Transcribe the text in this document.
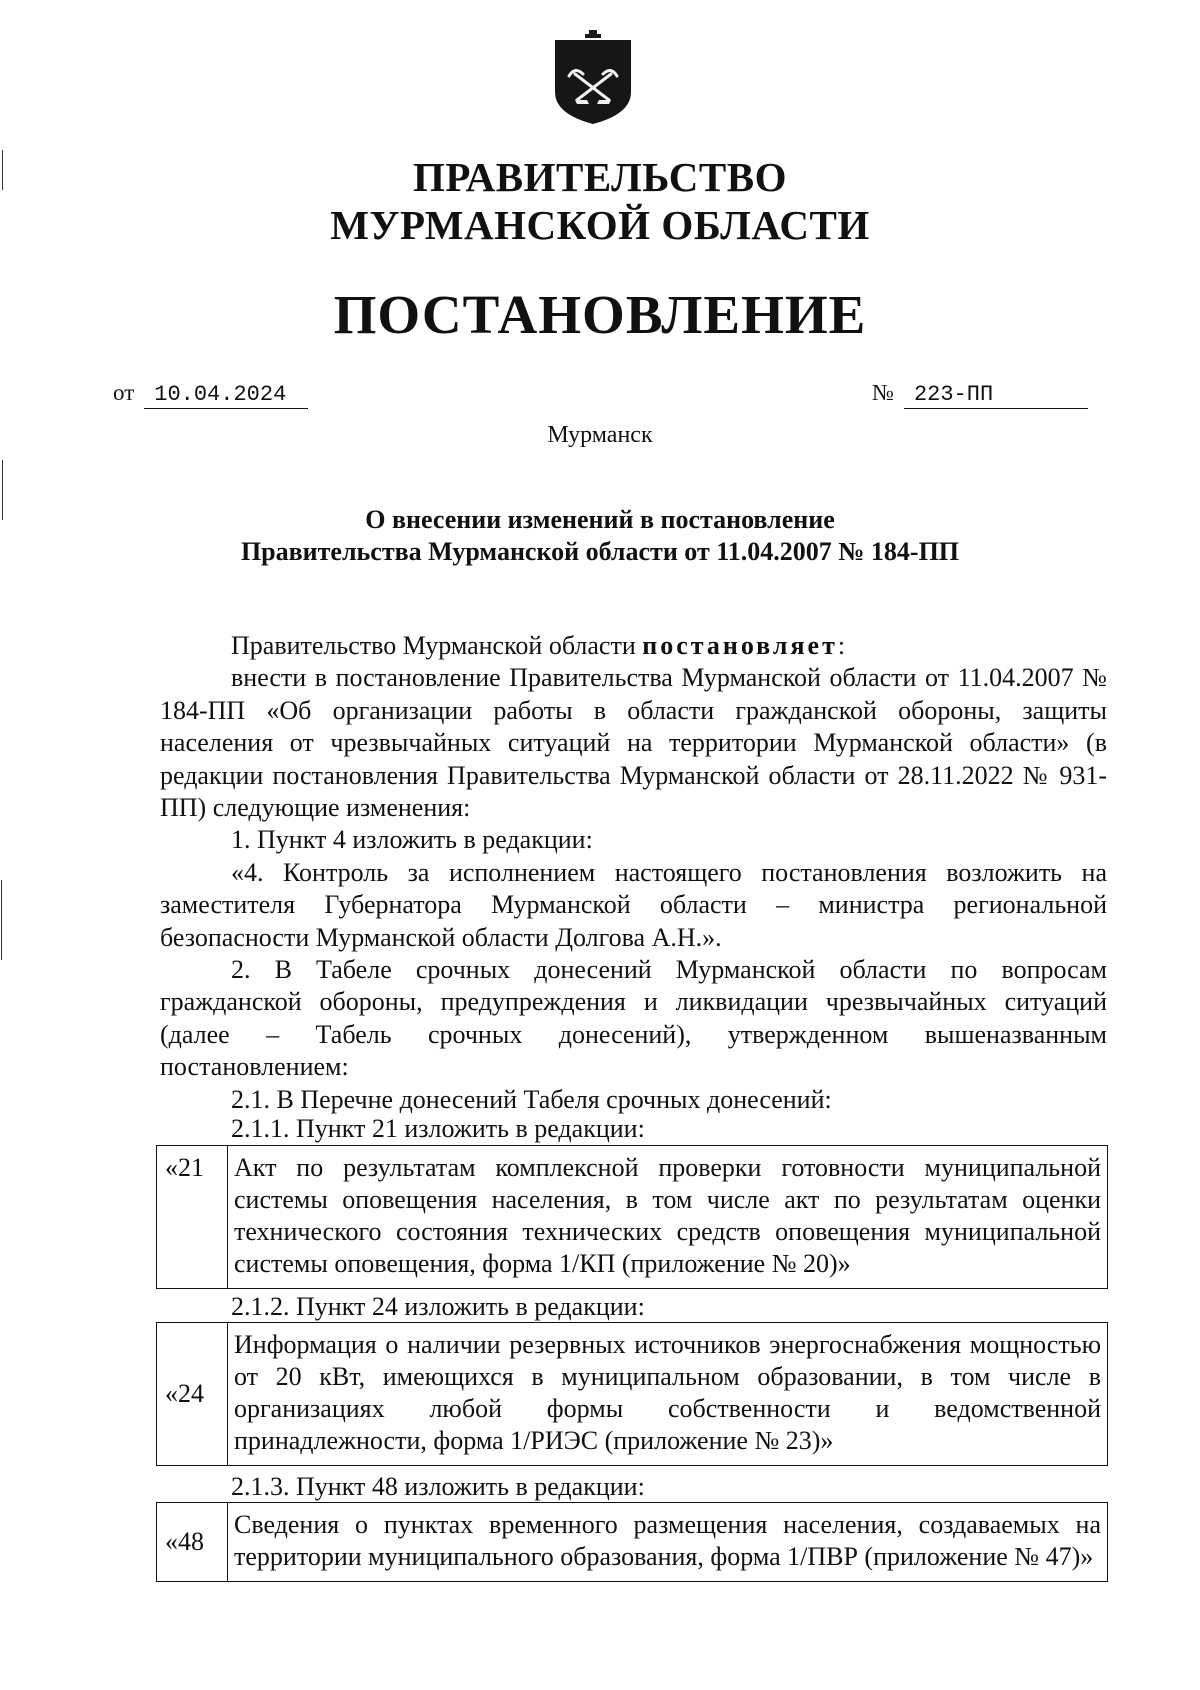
ПРАВИТЕЛЬСТВО
МУРМАНСКОЙ ОБЛАСТИ
ПОСТАНОВЛЕНИЕ
от 10.04.2024	№ 223-ПП
Мурманск
О внесении изменений в постановление
Правительства Мурманской области от 11.04.2007 № 184-ПП

Правительство Мурманской области постановляет:

внести в постановление Правительства Мурманской области от 11.04.2007 № 184-ПП «Об организации работы в области гражданской обороны, защиты населения от чрезвычайных ситуаций на территории Мурманской области» (в редакции постановления Правительства Мурманской области от 28.11.2022 № 931-ПП) следующие изменения:

1. Пункт 4 изложить в редакции:

«4. Контроль за исполнением настоящего постановления возложить на заместителя Губернатора Мурманской области – министра региональной безопасности Мурманской области Долгова А.Н.».

2. В Табеле срочных донесений Мурманской области по вопросам гражданской обороны, предупреждения и ликвидации чрезвычайных ситуаций (далее – Табель срочных донесений), утвержденном вышеназванным постановлением:

2.1. В Перечне донесений Табеля срочных донесений:

2.1.1. Пункт 21 изложить в редакции:
«21	Акт по результатам комплексной проверки готовности муниципальной системы оповещения населения, в том числе акт по результатам оценки технического состояния технических средств оповещения муниципальной системы оповещения, форма 1/КП (приложение № 20)»
2.1.2. Пункт 24 изложить в редакции:
«24	Информация о наличии резервных источников энергоснабжения мощностью от 20 кВт, имеющихся в муниципальном образовании, в том числе в организациях любой формы собственности и ведомственной принадлежности, форма 1/РИЭС (приложение № 23)»
2.1.3. Пункт 48 изложить в редакции:
«48	Сведения о пунктах временного размещения населения, создаваемых на территории муниципального образования, форма 1/ПВР (приложение № 47)»
